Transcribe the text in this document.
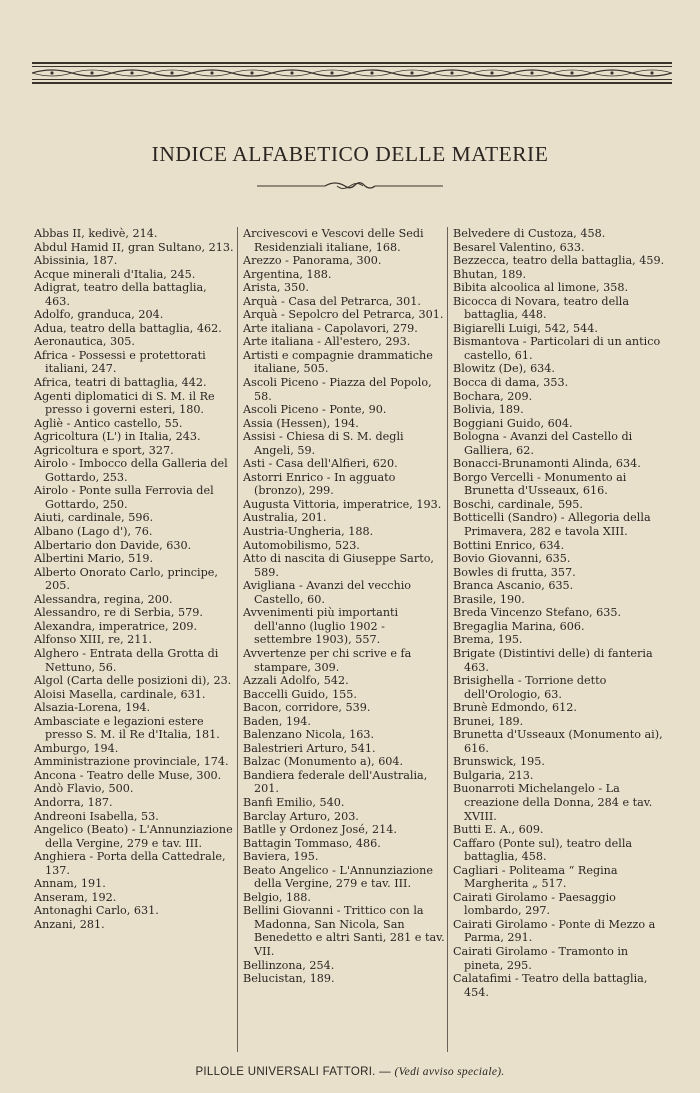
INDICE ALFABETICO DELLE MATERIE

Abbas II, kedivè, 214.

Abdul Hamid II, gran Sultano, 213.

Abissinia, 187.

Acque minerali d'Italia, 245.

Adigrat, teatro della battaglia, 463.

Adolfo, granduca, 204.

Adua, teatro della battaglia, 462.

Aeronautica, 305.

Africa - Possessi e protettorati italiani, 247.

Africa, teatri di battaglia, 442.

Agenti diplomatici di S. M. il Re presso i governi esteri, 180.

Agliè - Antico castello, 55.

Agricoltura (L') in Italia, 243.

Agricoltura e sport, 327.

Airolo - Imbocco della Galleria del Gottardo, 253.

Airolo - Ponte sulla Ferrovia del Gottardo, 250.

Aiuti, cardinale, 596.

Albano (Lago d'), 76.

Albertario don Davide, 630.

Albertini Mario, 519.

Alberto Onorato Carlo, principe, 205.

Alessandra, regina, 200.

Alessandro, re di Serbia, 579.

Alexandra, imperatrice, 209.

Alfonso XIII, re, 211.

Alghero - Entrata della Grotta di Nettuno, 56.

Algol (Carta delle posizioni di), 23.

Aloisi Masella, cardinale, 631.

Alsazia-Lorena, 194.

Ambasciate e legazioni estere presso S. M. il Re d'Italia, 181.

Amburgo, 194.

Amministrazione provinciale, 174.

Ancona - Teatro delle Muse, 300.

Andò Flavio, 500.

Andorra, 187.

Andreoni Isabella, 53.

Angelico (Beato) - L'Annunziazione della Vergine, 279 e tav. III.

Anghiera - Porta della Cattedrale, 137.

Annam, 191.

Anseram, 192.

Antonaghi Carlo, 631.

Anzani, 281.

Arcivescovi e Vescovi delle Sedi Residenziali italiane, 168.

Arezzo - Panorama, 300.

Argentina, 188.

Arista, 350.

Arquà - Casa del Petrarca, 301.

Arquà - Sepolcro del Petrarca, 301.

Arte italiana - Capolavori, 279.

Arte italiana - All'estero, 293.

Artisti e compagnie drammatiche italiane, 505.

Ascoli Piceno - Piazza del Popolo, 58.

Ascoli Piceno - Ponte, 90.

Assia (Hessen), 194.

Assisi - Chiesa di S. M. degli Angeli, 59.

Asti - Casa dell'Alfieri, 620.

Astorri Enrico - In agguato (bronzo), 299.

Augusta Vittoria, imperatrice, 193.

Australia, 201.

Austria-Ungheria, 188.

Automobilismo, 523.

Atto di nascita di Giuseppe Sarto, 589.

Avigliana - Avanzi del vecchio Castello, 60.

Avvenimenti più importanti dell'anno (luglio 1902 - settembre 1903), 557.

Avvertenze per chi scrive e fa stampare, 309.

Azzali Adolfo, 542.

Baccelli Guido, 155.

Bacon, corridore, 539.

Baden, 194.

Balenzano Nicola, 163.

Balestrieri Arturo, 541.

Balzac (Monumento a), 604.

Bandiera federale dell'Australia, 201.

Banfi Emilio, 540.

Barclay Arturo, 203.

Batlle y Ordonez José, 214.

Battagin Tommaso, 486.

Baviera, 195.

Beato Angelico - L'Annunziazione della Vergine, 279 e tav. III.

Belgio, 188.

Bellini Giovanni - Trittico con la Madonna, San Nicola, San Benedetto e altri Santi, 281 e tav. VII.

Bellinzona, 254.

Belucistan, 189.

Belvedere di Custoza, 458.

Besarel Valentino, 633.

Bezzecca, teatro della battaglia, 459.

Bhutan, 189.

Bibita alcoolica al limone, 358.

Bicocca di Novara, teatro della battaglia, 448.

Bigiarelli Luigi, 542, 544.

Bismantova - Particolari di un antico castello, 61.

Blowitz (De), 634.

Bocca di dama, 353.

Bochara, 209.

Bolivia, 189.

Boggiani Guido, 604.

Bologna - Avanzi del Castello di Galliera, 62.

Bonacci-Brunamonti Alinda, 634.

Borgo Vercelli - Monumento ai Brunetta d'Usseaux, 616.

Boschi, cardinale, 595.

Botticelli (Sandro) - Allegoria della Primavera, 282 e tavola XIII.

Bottini Enrico, 634.

Bovio Giovanni, 635.

Bowles di frutta, 357.

Branca Ascanio, 635.

Brasile, 190.

Breda Vincenzo Stefano, 635.

Bregaglia Marina, 606.

Brema, 195.

Brigate (Distintivi delle) di fanteria 463.

Brisighella - Torrione detto dell'Orologio, 63.

Brunè Edmondo, 612.

Brunei, 189.

Brunetta d'Usseaux (Monumento ai), 616.

Brunswick, 195.

Bulgaria, 213.

Buonarroti Michelangelo - La creazione della Donna, 284 e tav. XVIII.

Butti E. A., 609.

Caffaro (Ponte sul), teatro della battaglia, 458.

Cagliari - Politeama “ Regina Margherita „ 517.

Cairati Girolamo - Paesaggio lombardo, 297.

Cairati Girolamo - Ponte di Mezzo a Parma, 291.

Cairati Girolamo - Tramonto in pineta, 295.

Calatafimi - Teatro della battaglia, 454.

PILLOLE UNIVERSALI FATTORI. — (Vedi avviso speciale).
